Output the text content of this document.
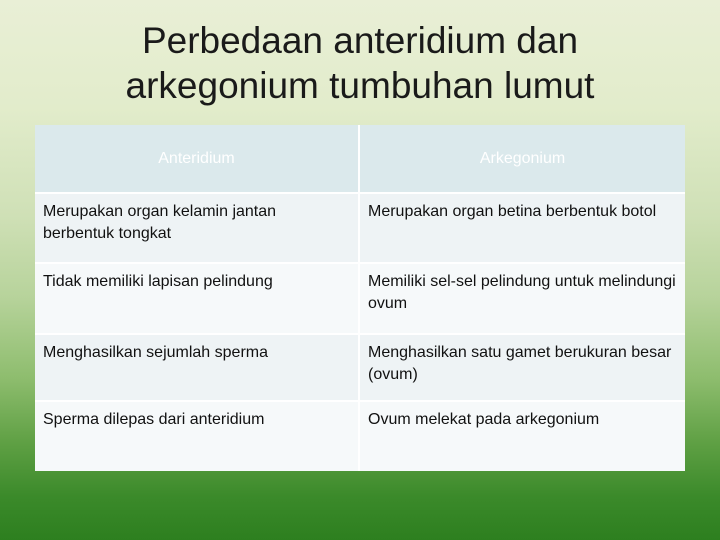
Perbedaan anteridium dan
arkegonium tumbuhan lumut
Anteridium	Arkegonium
Merupakan organ kelamin jantan berbentuk tongkat	Merupakan organ betina berbentuk botol
Tidak memiliki lapisan pelindung	Memiliki sel-sel pelindung untuk melindungi ovum
Menghasilkan sejumlah sperma	Menghasilkan satu gamet berukuran besar (ovum)
Sperma dilepas dari anteridium	Ovum melekat pada arkegonium
